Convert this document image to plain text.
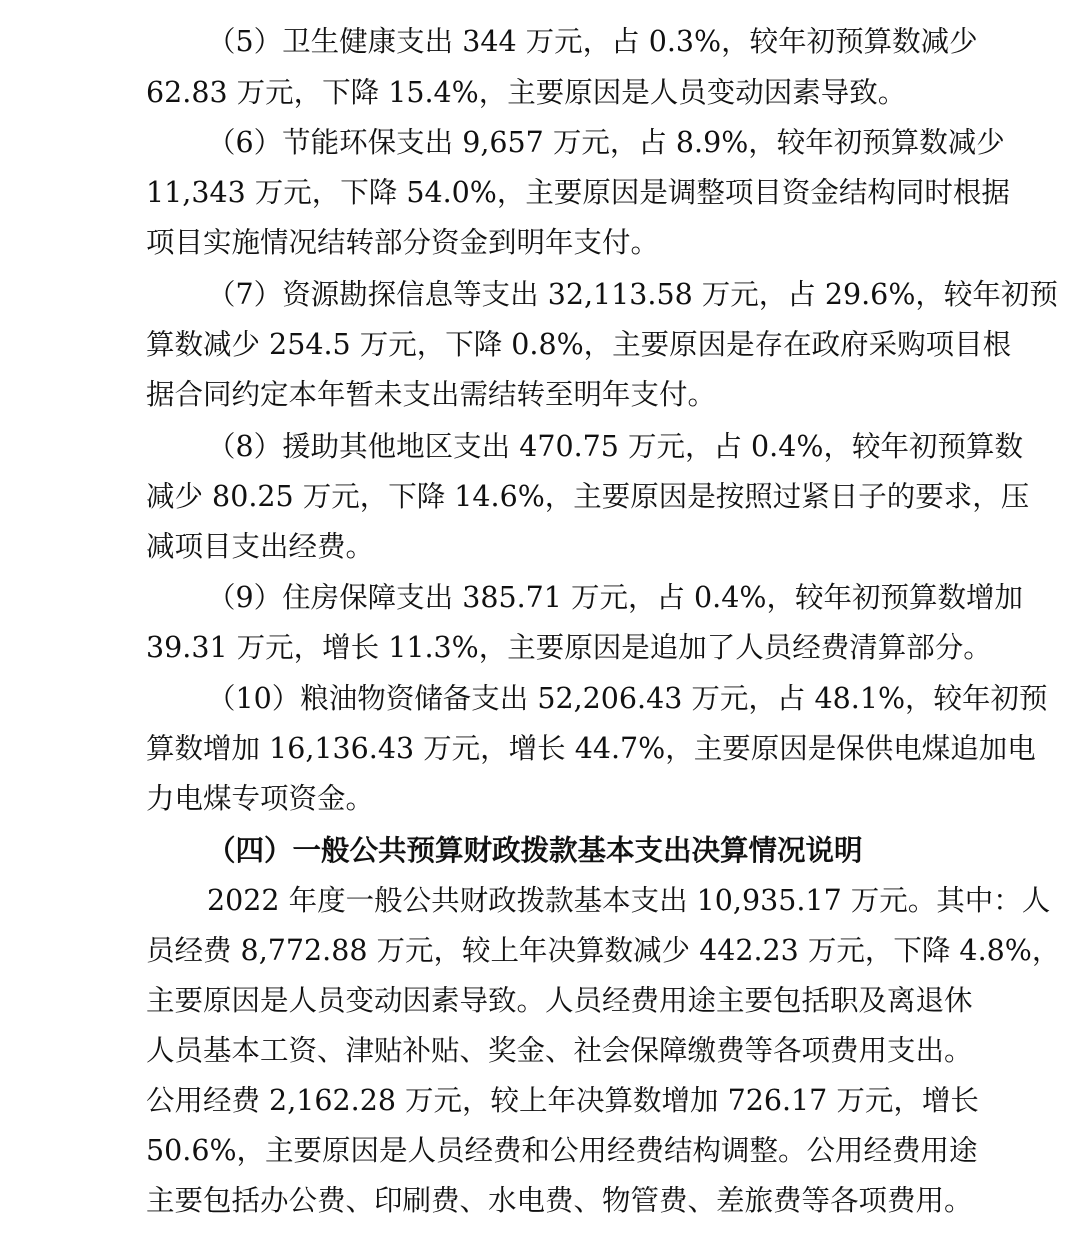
（5）卫生健康支出 344 万元，占 0.3%，较年初预算数减少
62.83 万元，下降 15.4%，主要原因是人员变动因素导致。
（6）节能环保支出 9,657 万元，占 8.9%，较年初预算数减少
11,343 万元，下降 54.0%，主要原因是调整项目资金结构同时根据
项目实施情况结转部分资金到明年支付。
（7）资源勘探信息等支出 32,113.58 万元，占 29.6%，较年初预
算数减少 254.5 万元，下降 0.8%，主要原因是存在政府采购项目根
据合同约定本年暂未支出需结转至明年支付。
（8）援助其他地区支出 470.75 万元，占 0.4%，较年初预算数
减少 80.25 万元，下降 14.6%，主要原因是按照过紧日子的要求，压
减项目支出经费。
（9）住房保障支出 385.71 万元，占 0.4%，较年初预算数增加
39.31 万元，增长 11.3%，主要原因是追加了人员经费清算部分。
（10）粮油物资储备支出 52,206.43 万元，占 48.1%，较年初预
算数增加 16,136.43 万元，增长 44.7%，主要原因是保供电煤追加电
力电煤专项资金。
（四）一般公共预算财政拨款基本支出决算情况说明
2022 年度一般公共财政拨款基本支出 10,935.17 万元。其中：人
员经费 8,772.88 万元，较上年决算数减少 442.23 万元，下降 4.8%，
主要原因是人员变动因素导致。人员经费用途主要包括职及离退休
人员基本工资、津贴补贴、奖金、社会保障缴费等各项费用支出。
公用经费 2,162.28 万元，较上年决算数增加 726.17 万元，增长
50.6%，主要原因是人员经费和公用经费结构调整。公用经费用途
主要包括办公费、印刷费、水电费、物管费、差旅费等各项费用。
